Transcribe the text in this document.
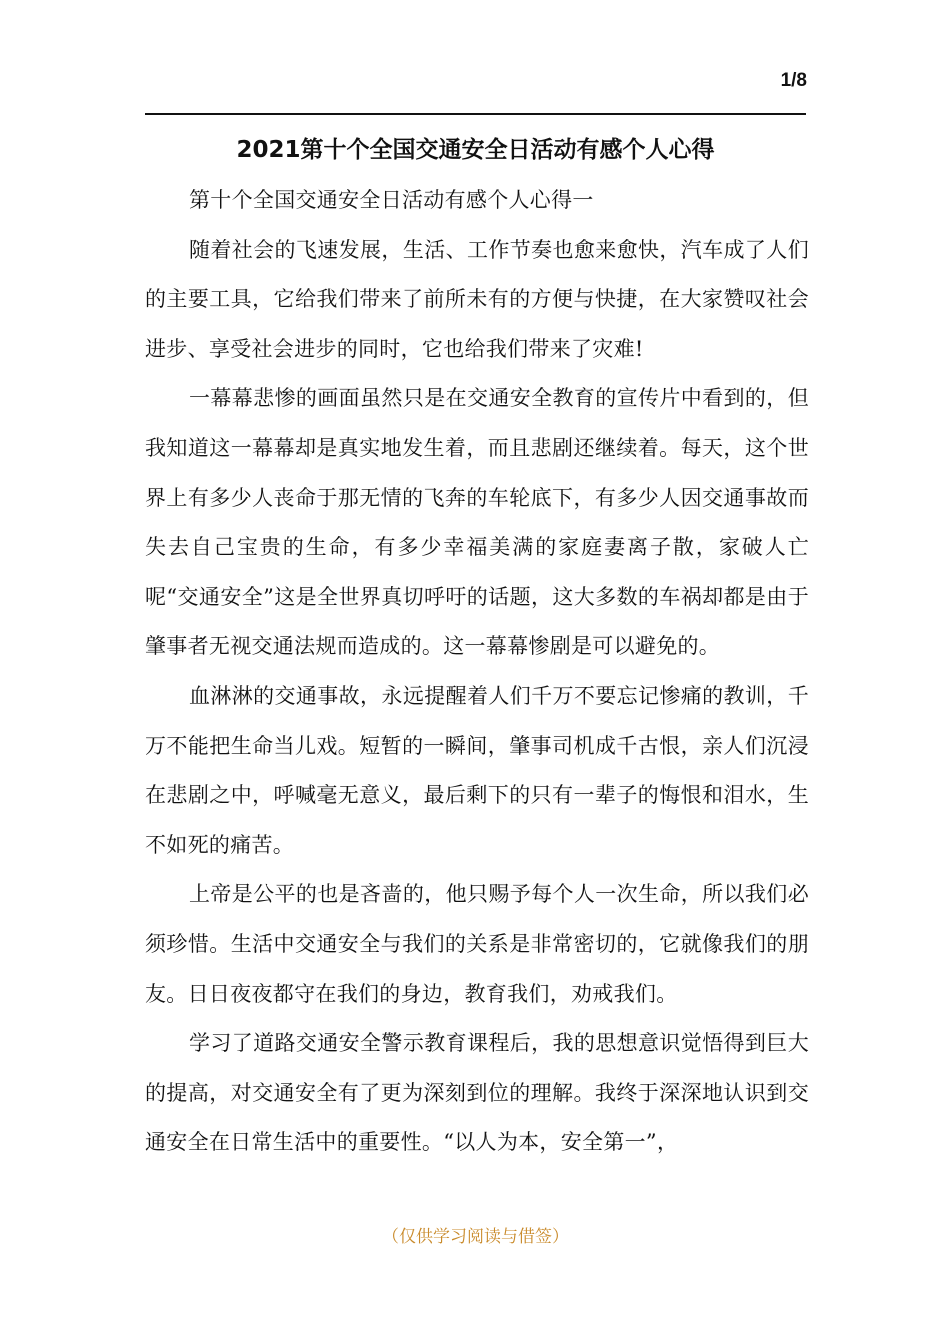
1/8
2021第十个全国交通安全日活动有感个人心得

第十个全国交通安全日活动有感个人心得一

随着社会的飞速发展，生活、工作节奏也愈来愈快，汽车成了人们的主要工具，它给我们带来了前所未有的方便与快捷，在大家赞叹社会进步、享受社会进步的同时，它也给我们带来了灾难!

一幕幕悲惨的画面虽然只是在交通安全教育的宣传片中看到的，但我知道这一幕幕却是真实地发生着，而且悲剧还继续着。每天，这个世界上有多少人丧命于那无情的飞奔的车轮底下，有多少人因交通事故而失去自己宝贵的生命，有多少幸福美满的家庭妻离子散，家破人亡呢“交通安全”这是全世界真切呼吁的话题，这大多数的车祸却都是由于肇事者无视交通法规而造成的。这一幕幕惨剧是可以避免的。

血淋淋的交通事故，永远提醒着人们千万不要忘记惨痛的教训，千万不能把生命当儿戏。短暂的一瞬间，肇事司机成千古恨，亲人们沉浸在悲剧之中，呼喊毫无意义，最后剩下的只有一辈子的悔恨和泪水，生不如死的痛苦。

上帝是公平的也是吝啬的，他只赐予每个人一次生命，所以我们必须珍惜。生活中交通安全与我们的关系是非常密切的，它就像我们的朋友。日日夜夜都守在我们的身边，教育我们，劝戒我们。

学习了道路交通安全警示教育课程后，我的思想意识觉悟得到巨大的提高，对交通安全有了更为深刻到位的理解。我终于深深地认识到交通安全在日常生活中的重要性。“以人为本，安全第一”，

（仅供学习阅读与借签）
